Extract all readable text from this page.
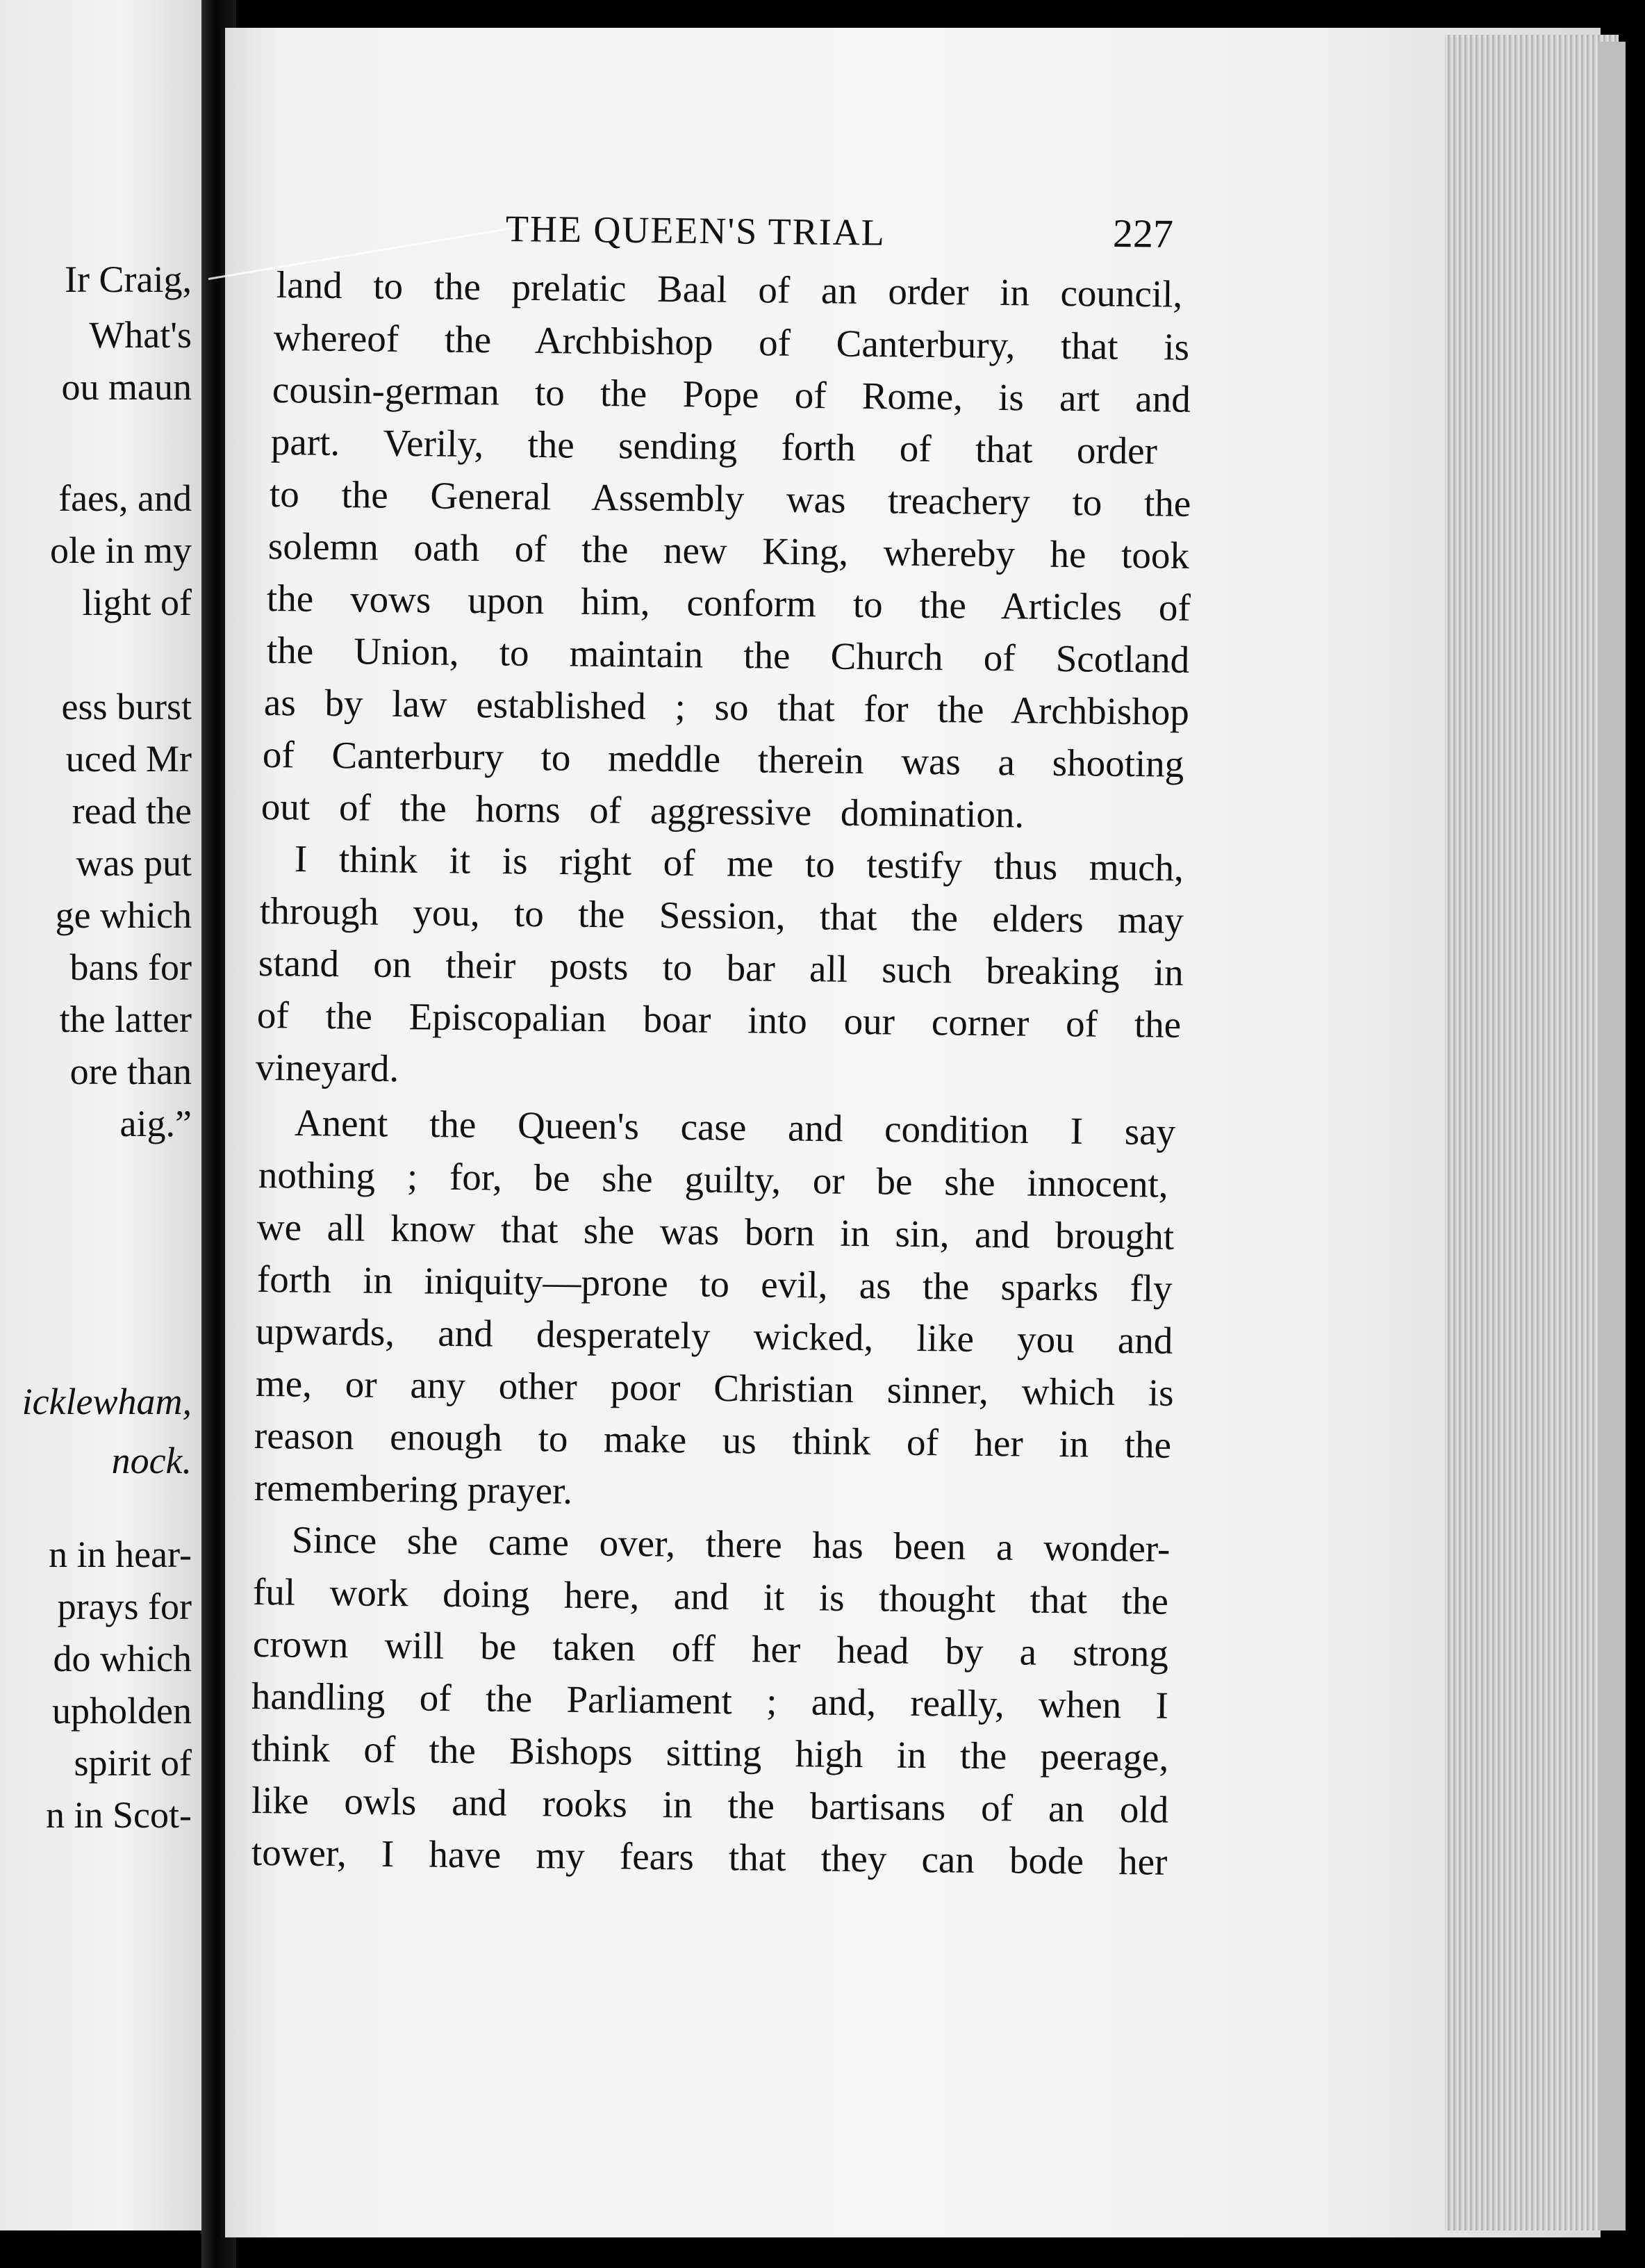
Ir Craig,
What's
ou maun
faes, and
ole in my
light of
ess burst
uced Mr
read the
was put
ge which
bans for
the latter
ore than
aig.”
icklewham,
nock.
n in hear-
prays for
do which
upholden
spirit of
n in Scot-
THE QUEEN'S TRIAL	227
land to the prelatic Baal of an order in council,
whereof the Archbishop of Canterbury, that is
cousin-german to the Pope of Rome, is art and
part. Verily, the sending forth of that order
to the General Assembly was treachery to the
solemn oath of the new King, whereby he took
the vows upon him, conform to the Articles of
the Union, to maintain the Church of Scotland
as by law established ; so that for the Archbishop
of Canterbury to meddle therein was a shooting
out of the horns of aggressive domination.
I think it is right of me to testify thus much,
through you, to the Session, that the elders may
stand on their posts to bar all such breaking in
of the Episcopalian boar into our corner of the
vineyard.
Anent the Queen's case and condition I say
nothing ; for, be she guilty, or be she innocent,
we all know that she was born in sin, and brought
forth in iniquity—prone to evil, as the sparks fly
upwards, and desperately wicked, like you and
me, or any other poor Christian sinner, which is
reason enough to make us think of her in the
remembering prayer.
Since she came over, there has been a wonder-
ful work doing here, and it is thought that the
crown will be taken off her head by a strong
handling of the Parliament ; and, really, when I
think of the Bishops sitting high in the peerage,
like owls and rooks in the bartisans of an old
tower, I have my fears that they can bode her
